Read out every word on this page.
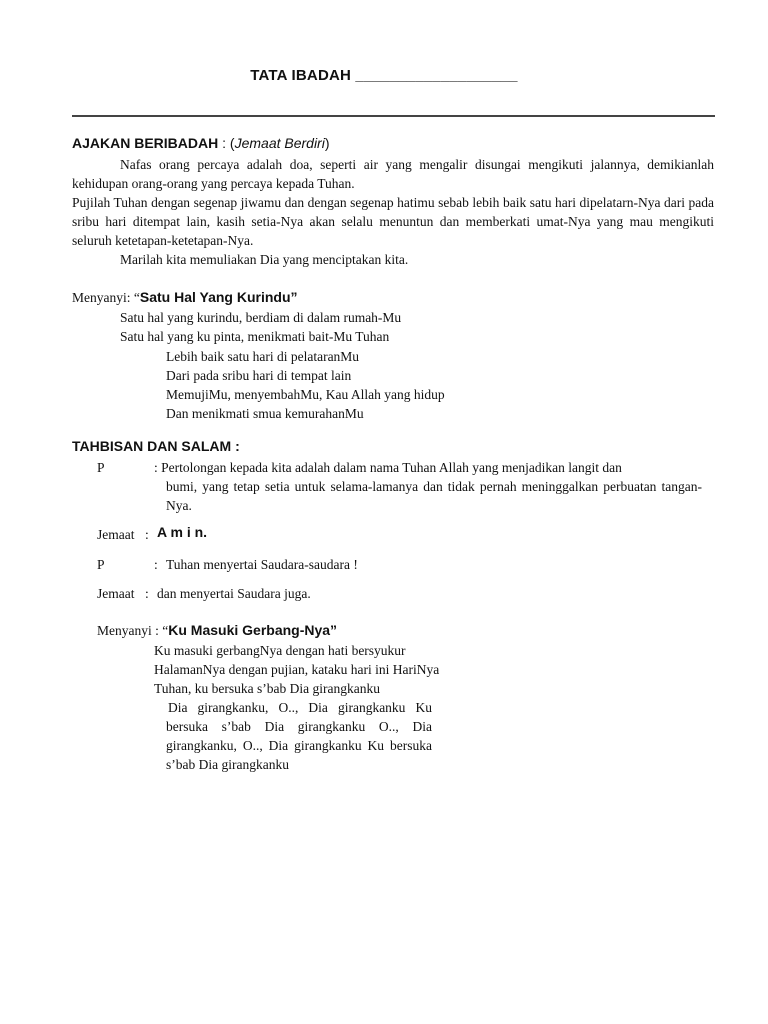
TATA IBADAH ___________________
AJAKAN BERIBADAH : (Jemaat Berdiri)
Nafas orang percaya adalah doa, seperti air yang mengalir disungai mengikuti jalannya, demikianlah kehidupan orang-orang yang percaya kepada Tuhan.
Pujilah Tuhan dengan segenap jiwamu dan dengan segenap hatimu sebab lebih baik satu hari dipelatarn-Nya dari pada sribu hari ditempat lain, kasih setia-Nya akan selalu menuntun dan memberkati umat-Nya yang mau mengikuti seluruh ketetapan-ketetapan-Nya.
Marilah kita memuliakan Dia yang menciptakan kita.
Menyanyi: “Satu Hal Yang Kurindu”
Satu hal yang kurindu, berdiam di dalam rumah-Mu
Satu hal yang ku pinta, menikmati bait-Mu Tuhan
Lebih baik satu hari di pelataranMu
Dari pada sribu hari di tempat lain
MemujiMu, menyembahMu, Kau Allah yang hidup
Dan menikmati smua kemurahanMu
TAHBISAN DAN SALAM :
P	: Pertolongan kepada kita adalah dalam nama Tuhan Allah yang menjadikan langit dan
bumi, yang tetap setia untuk selama-lamanya dan tidak pernah meninggalkan perbuatan tangan-Nya.
Jemaat : A m i n.
P	: Tuhan menyertai Saudara-saudara !
Jemaat : dan menyertai Saudara juga.
Menyanyi : “Ku Masuki Gerbang-Nya”
Ku masuki gerbangNya dengan hati bersyukur
HalamanNya dengan pujian, kataku hari ini HariNya
Tuhan, ku bersuka s’bab Dia girangkanku
Dia girangkanku, O.., Dia girangkanku Ku bersuka s’bab Dia girangkanku O.., Dia girangkanku, O.., Dia girangkanku Ku bersuka s’bab Dia girangkanku
